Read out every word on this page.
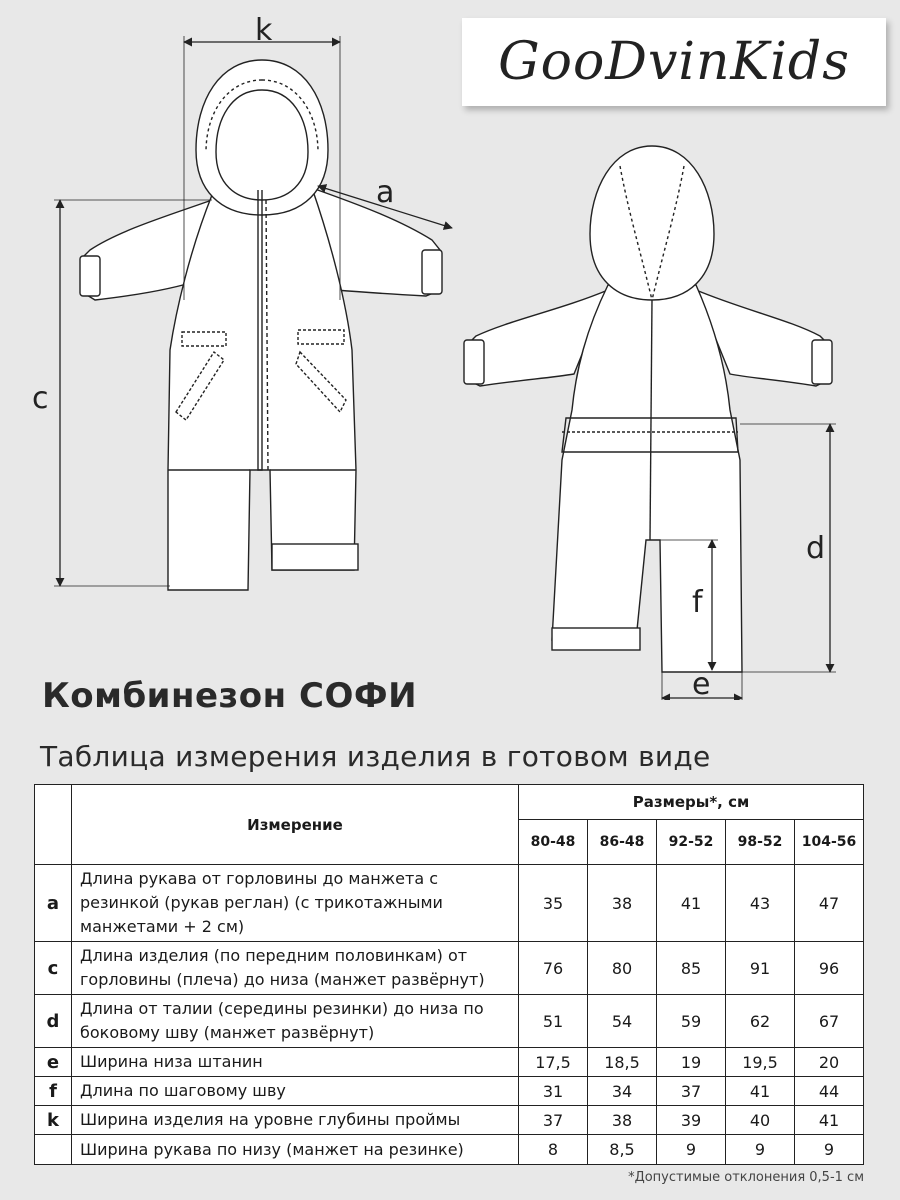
GooDvinKids
k
a
c
d
f
e
Комбинезон СОФИ
Таблица измерения изделия в готовом виде
	Измерение	Размеры*, см				
		80-48	86-48	92-52	98-52	104-56
a	Длина рукава от горловины до манжета с резинкой (рукав реглан) (с трикотажными манжетами + 2 см)	35	38	41	43	47
c	Длина изделия (по передним половинкам) от горловины (плеча) до низа (манжет развёрнут)	76	80	85	91	96
d	Длина от талии (середины резинки) до низа по боковому шву (манжет развёрнут)	51	54	59	62	67
e	Ширина низа штанин	17,5	18,5	19	19,5	20
f	Длина по шаговому шву	31	34	37	41	44
k	Ширина изделия на уровне глубины проймы	37	38	39	40	41
	Ширина рукава по низу (манжет на резинке)	8	8,5	9	9	9
*Допустимые отклонения 0,5-1 см
